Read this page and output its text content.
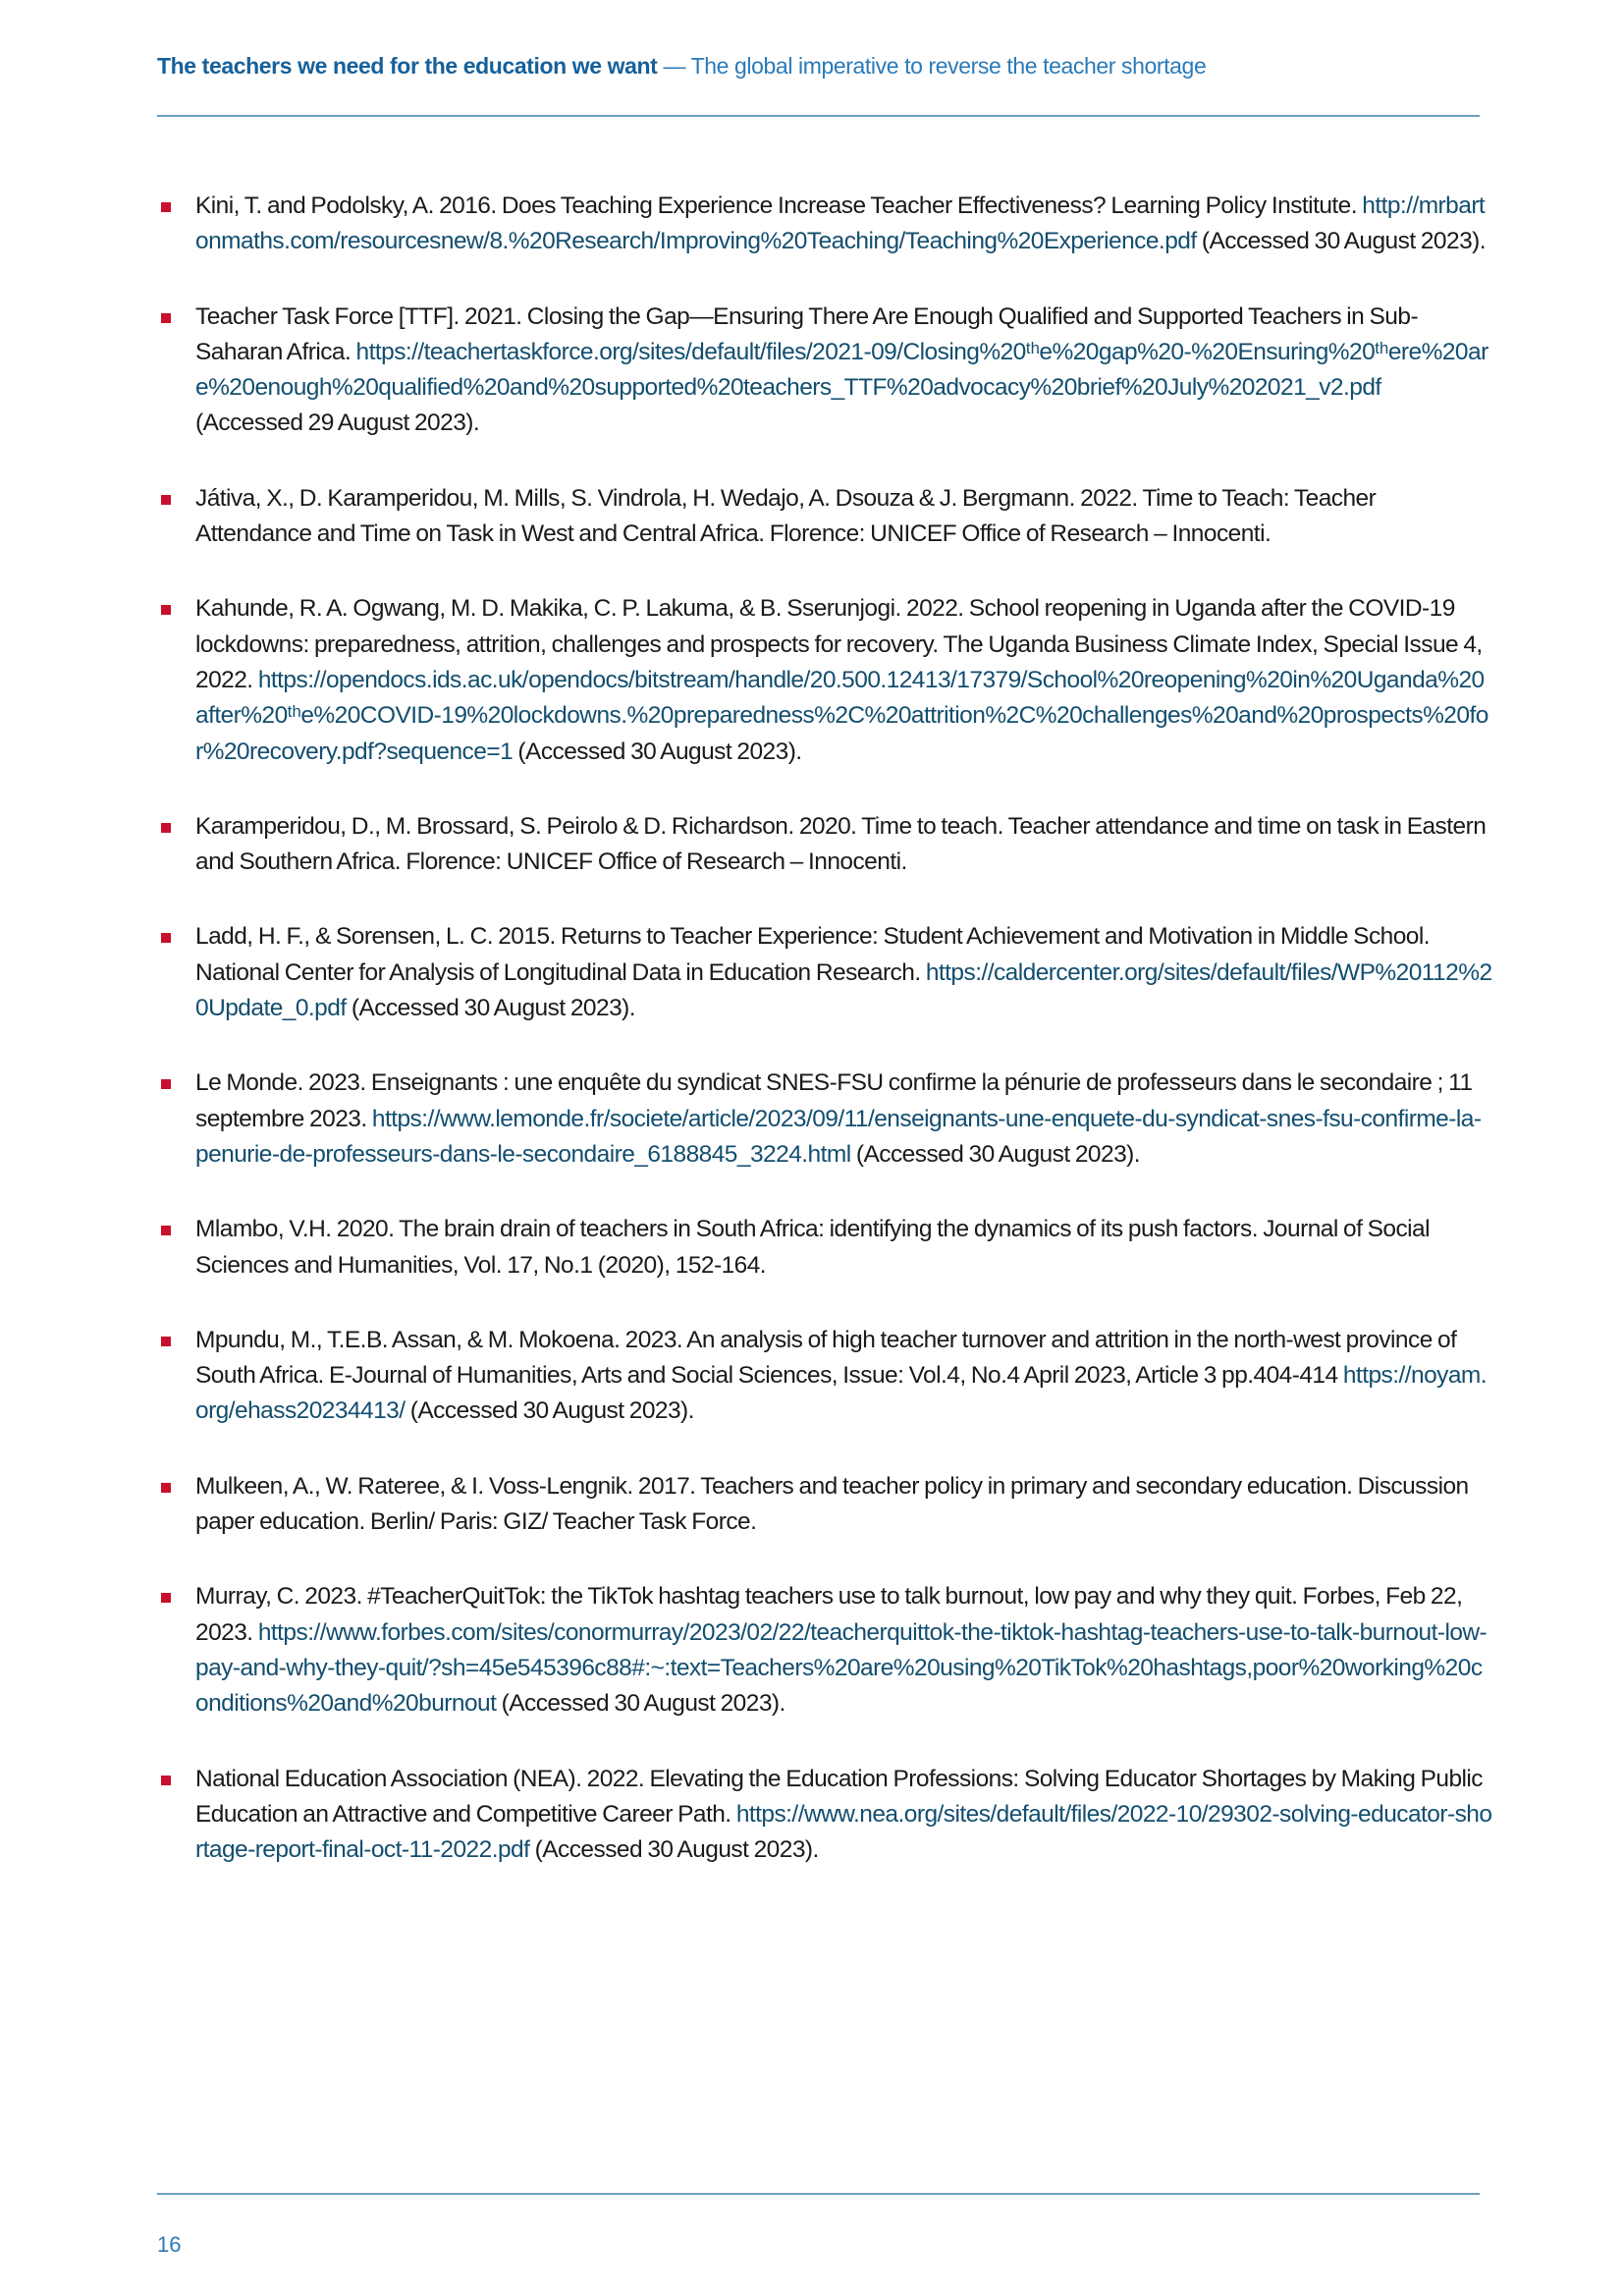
The teachers we need for the education we want — The global imperative to reverse the teacher shortage
Kini, T. and Podolsky, A. 2016. Does Teaching Experience Increase Teacher Effectiveness? Learning Policy Institute. http://mrbartonmaths.com/resourcesnew/8.%20Research/Improving%20Teaching/Teaching%20Experience.pdf (Accessed 30 August 2023).
Teacher Task Force [TTF]. 2021. Closing the Gap—Ensuring There Are Enough Qualified and Supported Teachers in Sub-Saharan Africa. https://teachertaskforce.org/sites/default/files/2021-09/Closing%20ᵗʰe%20gap%20-%20Ensuring%20ᵗʰere%20are%20enough%20qualified%20and%20supported%20teachers_TTF%20advocacy%20brief%20July%202021_v2.pdf (Accessed 29 August 2023).
Játiva, X., D. Karamperidou, M. Mills, S. Vindrola, H. Wedajo, A. Dsouza & J. Bergmann. 2022. Time to Teach: Teacher Attendance and Time on Task in West and Central Africa. Florence: UNICEF Office of Research – Innocenti.
Kahunde, R. A. Ogwang, M. D. Makika, C. P. Lakuma, & B. Sserunjogi. 2022. School reopening in Uganda after the COVID-19 lockdowns: preparedness, attrition, challenges and prospects for recovery. The Uganda Business Climate Index, Special Issue 4, 2022. https://opendocs.ids.ac.uk/opendocs/bitstream/handle/20.500.12413/17379/School%20reopening%20in%20Uganda%20after%20ᵗʰe%20COVID-19%20lockdowns.%20preparedness%2C%20attrition%2C%20challenges%20and%20prospects%20for%20recovery.pdf?sequence=1 (Accessed 30 August 2023).
Karamperidou, D., M. Brossard, S. Peirolo & D. Richardson. 2020. Time to teach. Teacher attendance and time on task in Eastern and Southern Africa. Florence: UNICEF Office of Research – Innocenti.
Ladd, H. F., & Sorensen, L. C. 2015. Returns to Teacher Experience: Student Achievement and Motivation in Middle School. National Center for Analysis of Longitudinal Data in Education Research. https://caldercenter.org/sites/default/files/WP%20112%20Update_0.pdf (Accessed 30 August 2023).
Le Monde. 2023. Enseignants : une enquête du syndicat SNES-FSU confirme la pénurie de professeurs dans le secondaire ; 11 septembre 2023. https://www.lemonde.fr/societe/article/2023/09/11/enseignants-une-enquete-du-syndicat-snes-fsu-confirme-la-penurie-de-professeurs-dans-le-secondaire_6188845_3224.html (Accessed 30 August 2023).
Mlambo, V.H. 2020. The brain drain of teachers in South Africa: identifying the dynamics of its push factors. Journal of Social Sciences and Humanities, Vol. 17, No.1 (2020), 152-164.
Mpundu, M., T.E.B. Assan, & M. Mokoena. 2023. An analysis of high teacher turnover and attrition in the north-west province of South Africa. E-Journal of Humanities, Arts and Social Sciences, Issue: Vol.4, No.4 April 2023, Article 3 pp.404-414 https://noyam.org/ehass20234413/ (Accessed 30 August 2023).
Mulkeen, A., W. Rateree, & I. Voss-Lengnik. 2017. Teachers and teacher policy in primary and secondary education. Discussion paper education. Berlin/ Paris: GIZ/ Teacher Task Force.
Murray, C. 2023. #TeacherQuitTok: the TikTok hashtag teachers use to talk burnout, low pay and why they quit. Forbes, Feb 22, 2023. https://www.forbes.com/sites/conormurray/2023/02/22/teacherquittok-the-tiktok-hashtag-teachers-use-to-talk-burnout-low-pay-and-why-they-quit/?sh=45e545396c88#:~:text=Teachers%20are%20using%20TikTok%20hashtags,poor%20working%20conditions%20and%20burnout (Accessed 30 August 2023).
National Education Association (NEA). 2022. Elevating the Education Professions: Solving Educator Shortages by Making Public Education an Attractive and Competitive Career Path. https://www.nea.org/sites/default/files/2022-10/29302-solving-educator-shortage-report-final-oct-11-2022.pdf (Accessed 30 August 2023).
16
